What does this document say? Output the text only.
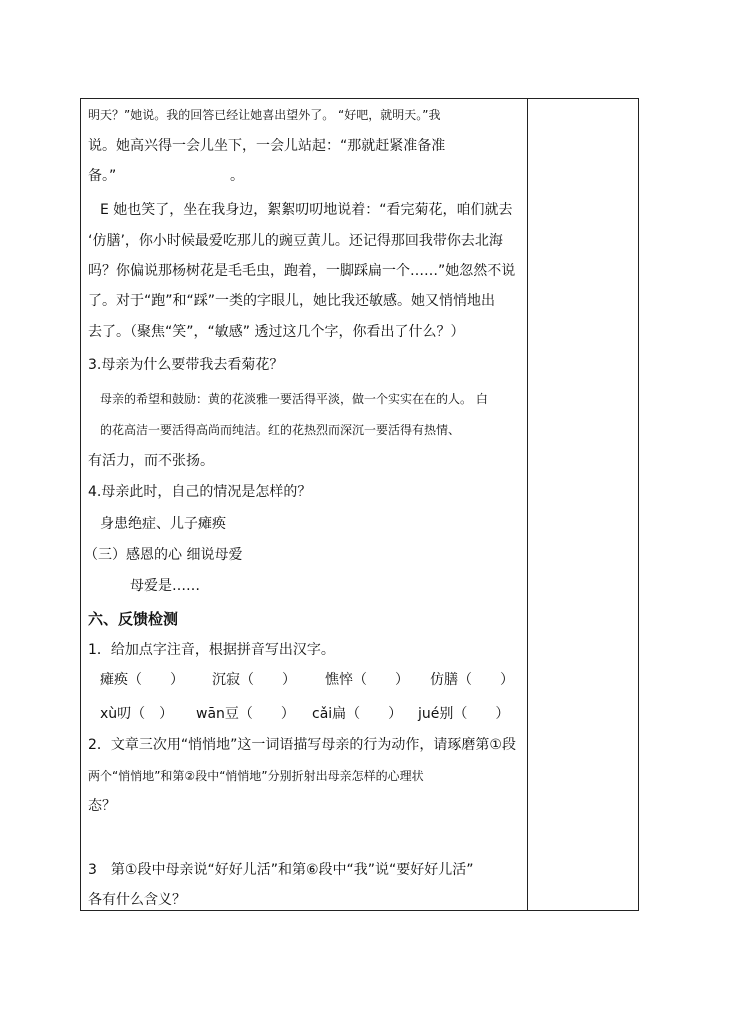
明天？”她说。我的回答已经让她喜出望外了。 “好吧，就明天。”我
说。她高兴得一会儿坐下，一会儿站起：“那就赶紧准备准
备。”	。
E 她也笑了，坐在我身边，絮絮叨叨地说着：“看完菊花，咱们就去
‘仿膳’，你小时候最爱吃那儿的豌豆黄儿。还记得那回我带你去北海
吗？你偏说那杨树花是毛毛虫，跑着，一脚踩扁一个……”她忽然不说
了。对于“跑”和“踩”一类的字眼儿，她比我还敏感。她又悄悄地出
去了。（聚焦“笑”，“敏感” 透过这几个字，你看出了什么？）
3.母亲为什么要带我去看菊花？
母亲的希望和鼓励：黄的花淡雅一要活得平淡，做一个实实在在的人。 白
的花高洁一要活得高尚而纯洁。红的花热烈而深沉一要活得有热情、
有活力，而不张扬。
4.母亲此时，自己的情况是怎样的？
身患绝症、儿子瘫痪
（三）感恩的心 细说母爱
母爱是……
六、反馈检测
1．给加点字注音，根据拼音写出汉字。
瘫痪（　　） 沉寂（　　） 憔悴（　　） 仿膳（　　）
xù叨（　） wān豆（　　） cǎi扁（　　） jué别（　　）
2．文章三次用“悄悄地”这一词语描写母亲的行为动作，请琢磨第①段
两个“悄悄地”和第②段中“悄悄地”分别折射出母亲怎样的心理状
态？
3　第①段中母亲说“好好儿活”和第⑥段中“我”说“要好好儿活”
各有什么含义？
